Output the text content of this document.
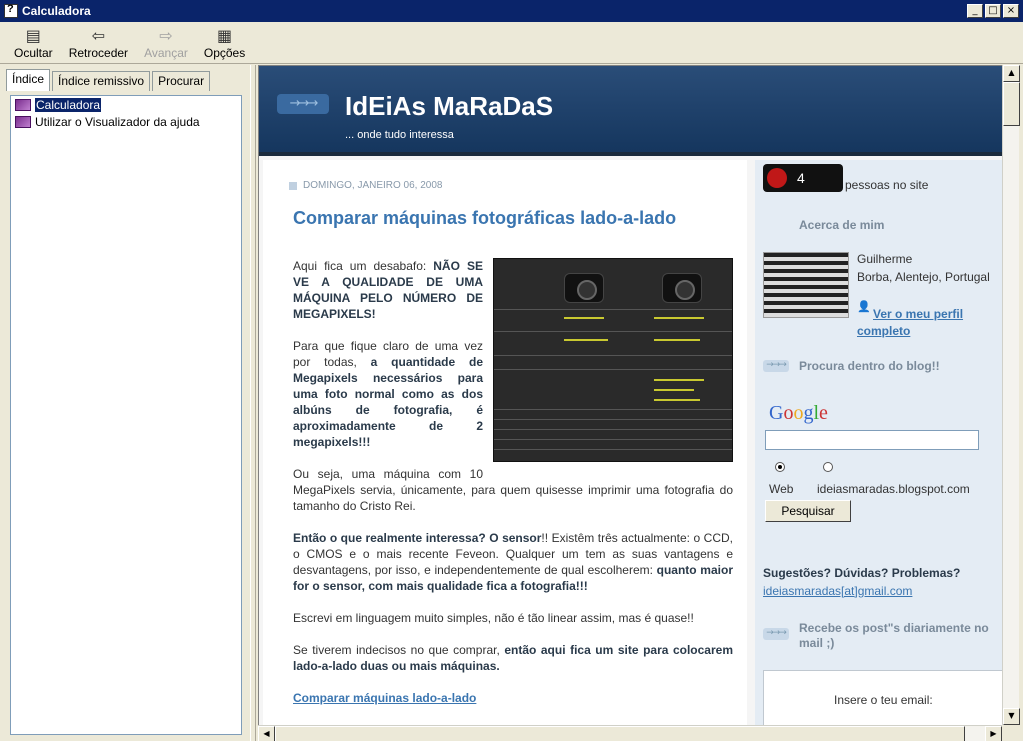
?
Calculadora	_	□ ×
▤
Ocultar
⇦
Retroceder
⇨
Avançar
▦
Opções
Índice	Índice remissivo	Procurar
Calculadora
Utilizar o Visualizador da ajuda
→→→	IdEiAs MaRaDaS
... onde tudo interessa
DOMINGO, JANEIRO 06, 2008
Comparar máquinas fotográficas lado-a-lado

Aqui fica um desabafo: NÃO SE VE A QUALIDADE DE UMA MÁQUINA PELO NÚMERO DE MEGAPIXELS!

Para que fique claro de uma vez por todas, a quantidade de Megapixels necessários para uma foto normal como as dos albúns de fotografia, é aproximadamente de 2 megapixels!!!

Ou seja, uma máquina com 10 MegaPixels servia, únicamente, para quem quisesse imprimir uma fotografia do tamanho do Cristo Rei.

Então o que realmente interessa? O sensor!! Existêm três actualmente: o CCD, o CMOS e o mais recente Feveon. Qualquer um tem as suas vantagens e desvantagens, por isso, e independentemente de qual escolherem: quanto maior for o sensor, com mais qualidade fica a fotografia!!!

Escrevi em linguagem muito simples, não é tão linear assim, mas é quase!!

Se tiverem indecisos no que comprar, então aqui fica um site para colocarem lado-a-lado duas ou mais máquinas.

Comparar máquinas lado-a-lado

4	pessoas no site
Acerca de mim
Guilherme
Borba, Alentejo, Portugal
👤 Ver o meu perfil completo
→→→ Procura dentro do blog!!
Google
Web ideiasmaradas.blogspot.com
Pesquisar
Sugestões? Dúvidas? Problemas?
ideiasmaradas[at]gmail.com
→→→ Recebe os post"s diariamente no mail ;)
Insere o teu email:
▲
▼
◀	▶
